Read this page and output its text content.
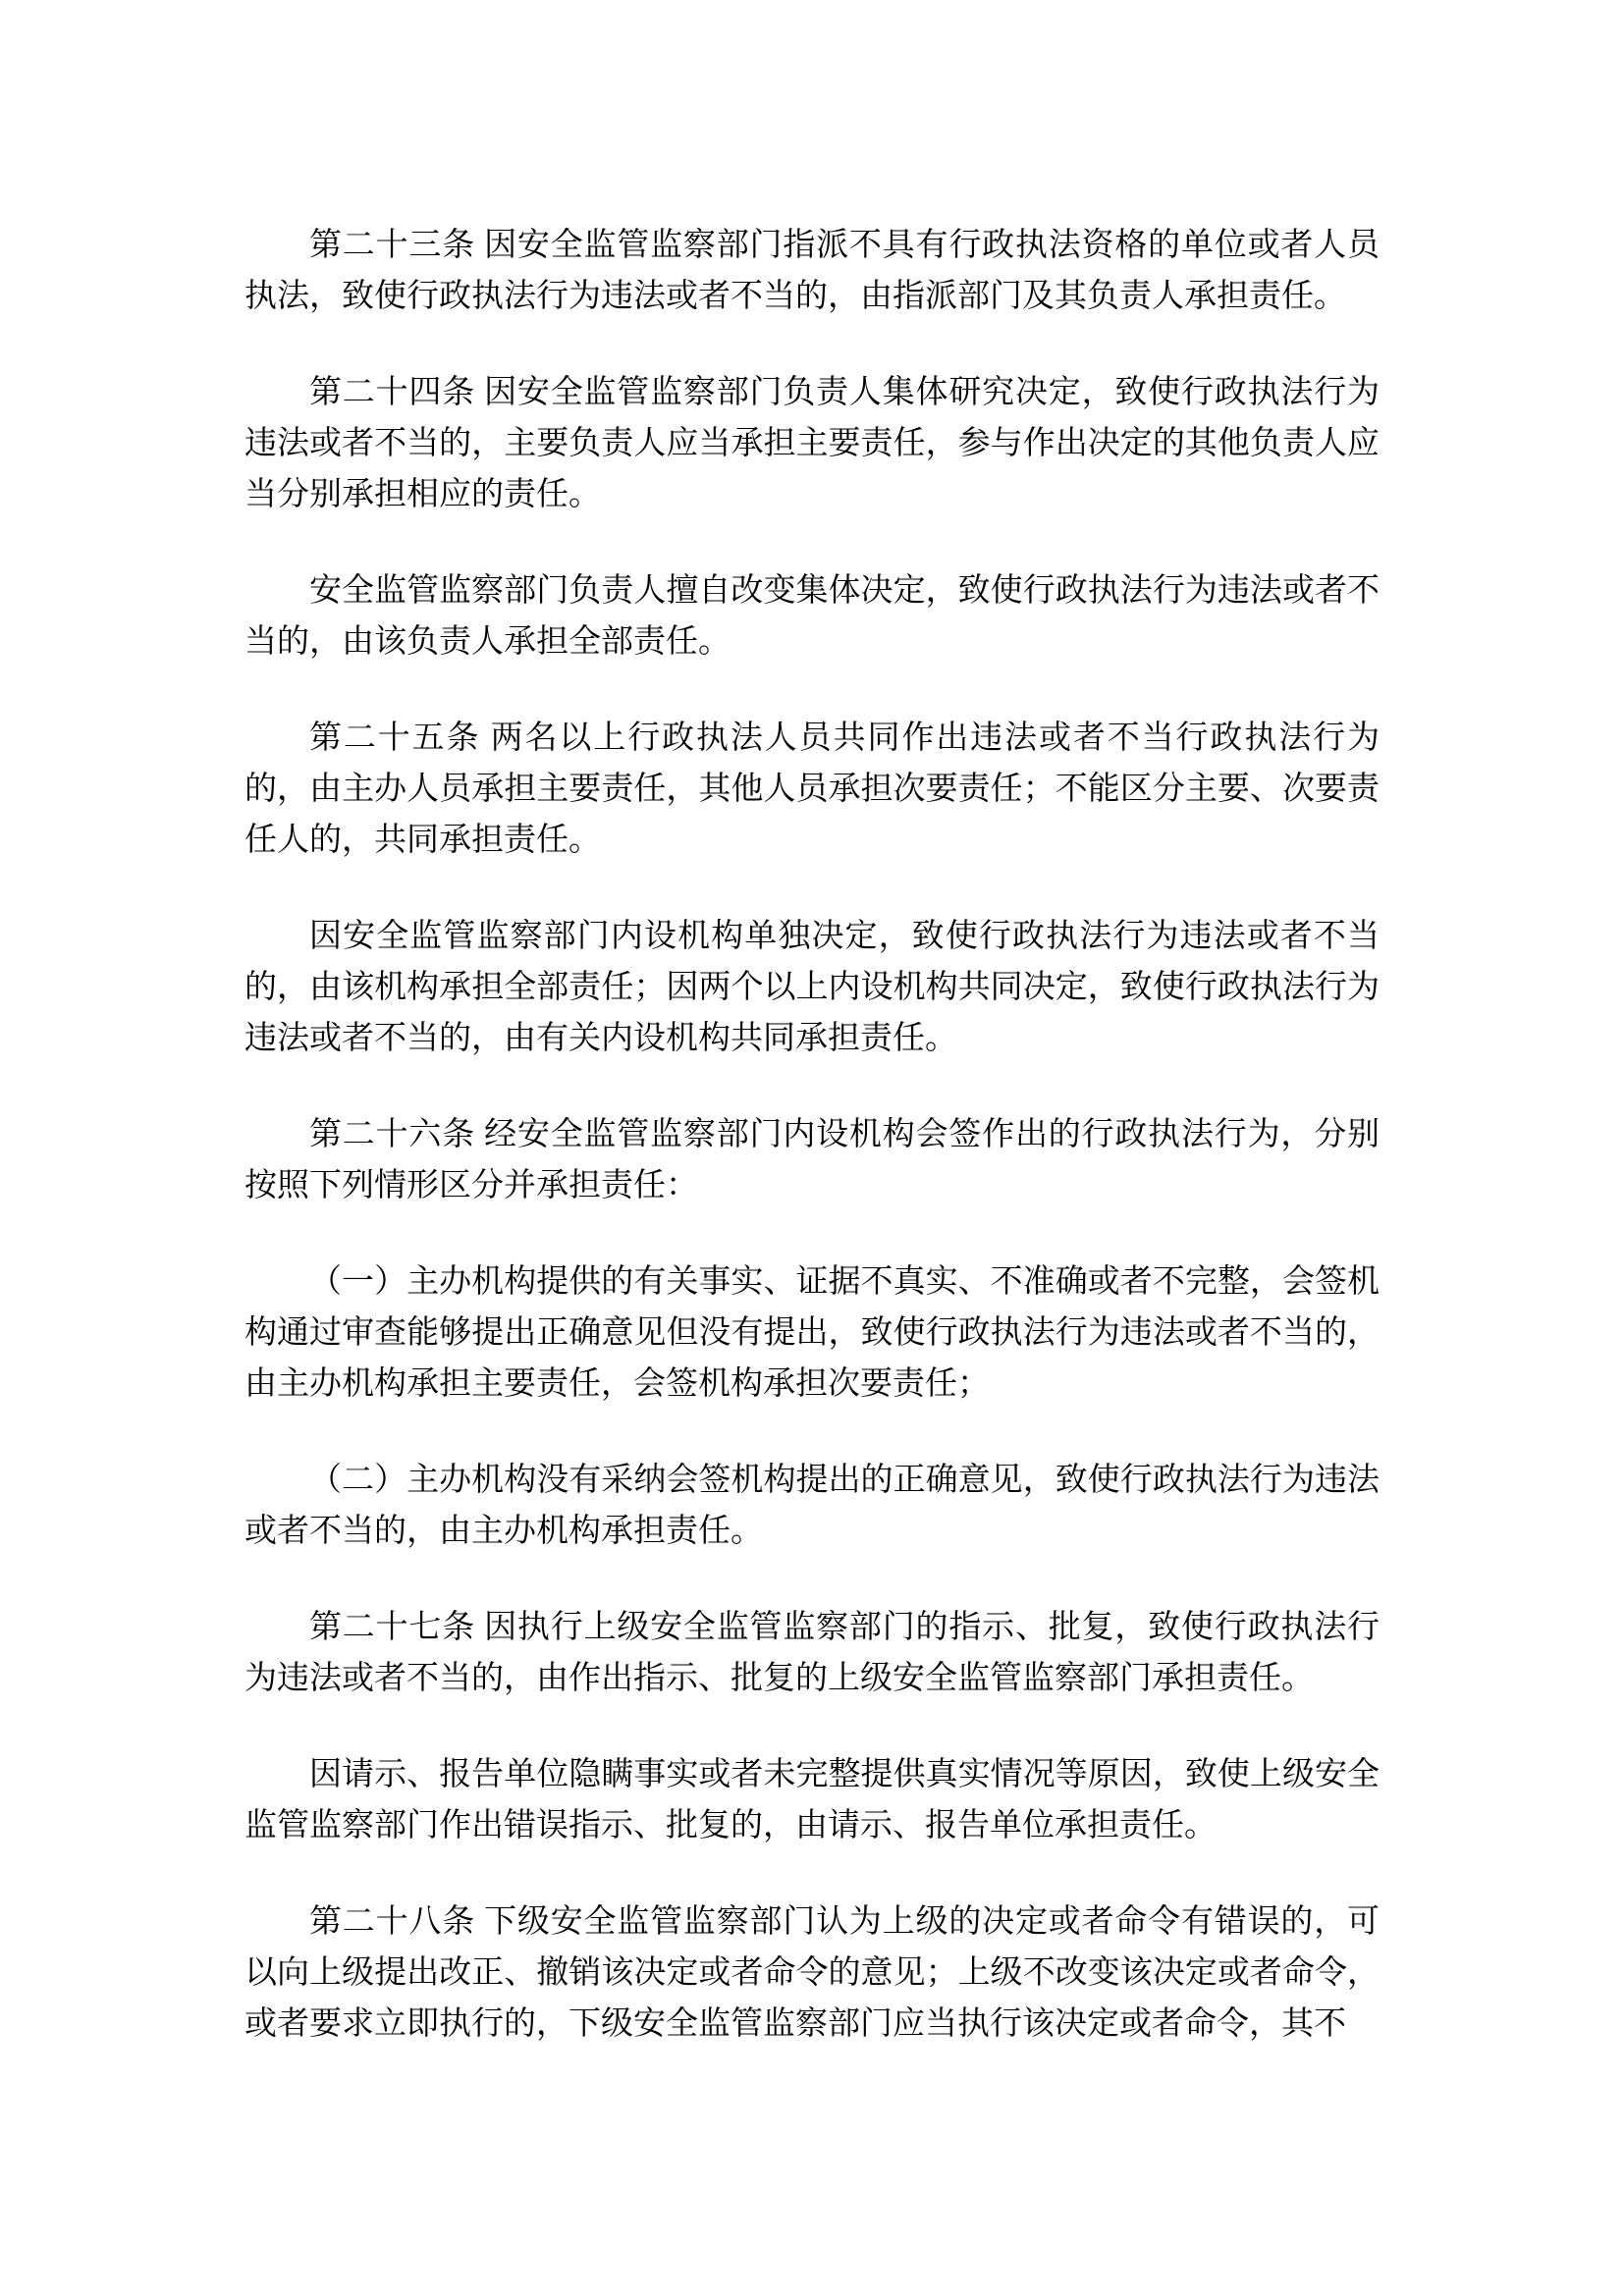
第二十三条 因安全监管监察部门指派不具有行政执法资格的单位或者人员执法，致使行政执法行为违法或者不当的，由指派部门及其负责人承担责任。

第二十四条 因安全监管监察部门负责人集体研究决定，致使行政执法行为违法或者不当的，主要负责人应当承担主要责任，参与作出决定的其他负责人应当分别承担相应的责任。

安全监管监察部门负责人擅自改变集体决定，致使行政执法行为违法或者不当的，由该负责人承担全部责任。

第二十五条 两名以上行政执法人员共同作出违法或者不当行政执法行为的，由主办人员承担主要责任，其他人员承担次要责任；不能区分主要、次要责任人的，共同承担责任。

因安全监管监察部门内设机构单独决定，致使行政执法行为违法或者不当的，由该机构承担全部责任；因两个以上内设机构共同决定，致使行政执法行为违法或者不当的，由有关内设机构共同承担责任。

第二十六条 经安全监管监察部门内设机构会签作出的行政执法行为，分别按照下列情形区分并承担责任：

（一）主办机构提供的有关事实、证据不真实、不准确或者不完整，会签机构通过审查能够提出正确意见但没有提出，致使行政执法行为违法或者不当的，由主办机构承担主要责任，会签机构承担次要责任；

（二）主办机构没有采纳会签机构提出的正确意见，致使行政执法行为违法或者不当的，由主办机构承担责任。

第二十七条 因执行上级安全监管监察部门的指示、批复，致使行政执法行为违法或者不当的，由作出指示、批复的上级安全监管监察部门承担责任。

因请示、报告单位隐瞒事实或者未完整提供真实情况等原因，致使上级安全监管监察部门作出错误指示、批复的，由请示、报告单位承担责任。

第二十八条 下级安全监管监察部门认为上级的决定或者命令有错误的，可以向上级提出改正、撤销该决定或者命令的意见；上级不改变该决定或者命令，或者要求立即执行的，下级安全监管监察部门应当执行该决定或者命令，其不
